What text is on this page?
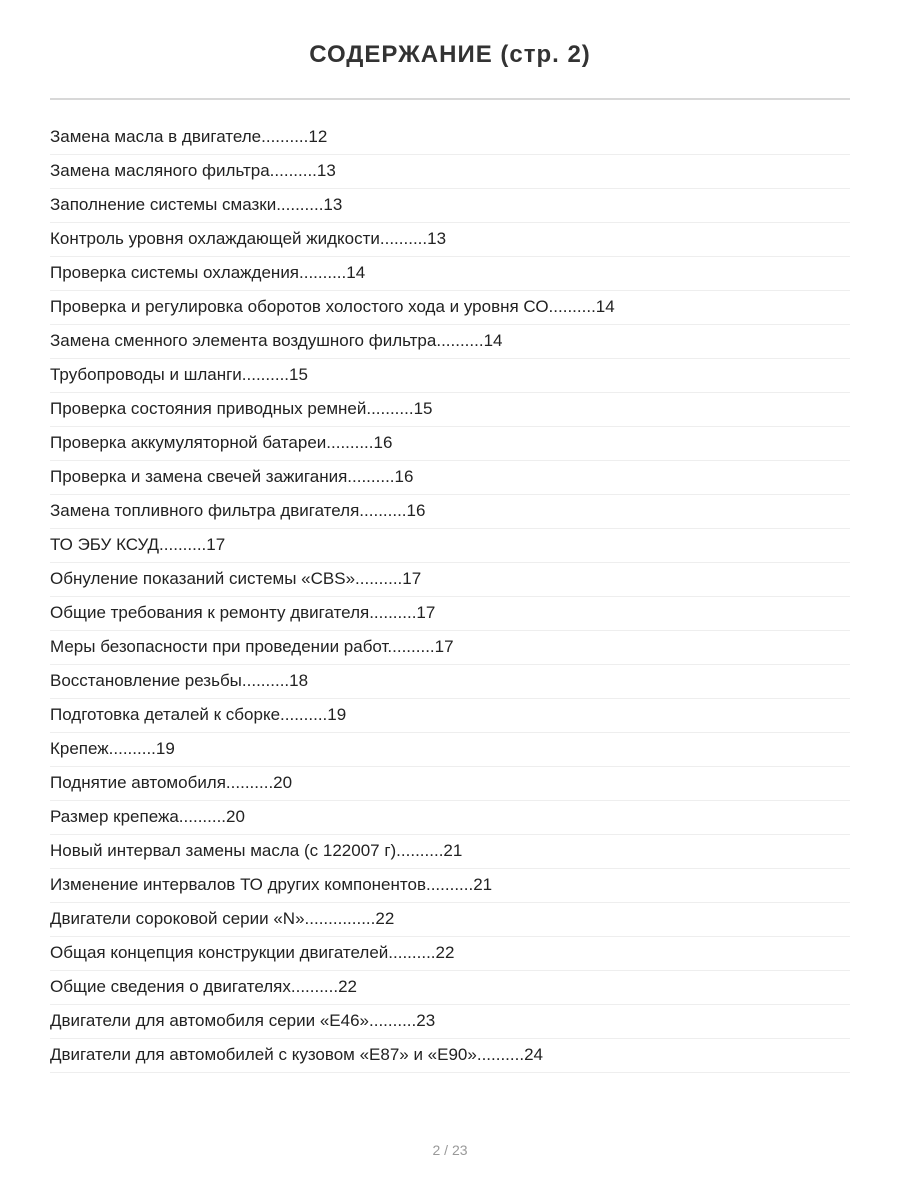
СОДЕРЖАНИЕ (стр. 2)
Замена масла в двигателе..........12
Замена масляного фильтра..........13
Заполнение системы смазки..........13
Контроль уровня охлаждающей жидкости..........13
Проверка системы охлаждения..........14
Проверка и регулировка оборотов холостого хода и уровня СО..........14
Замена сменного элемента воздушного фильтра..........14
Трубопроводы и шланги..........15
Проверка состояния приводных ремней..........15
Проверка аккумуляторной батареи..........16
Проверка и замена свечей зажигания..........16
Замена топливного фильтра двигателя..........16
ТО ЭБУ КСУД..........17
Обнуление показаний системы «CBS»..........17
Общие требования к ремонту двигателя..........17
Меры безопасности при проведении работ..........17
Восстановление резьбы..........18
Подготовка деталей к сборке..........19
Крепеж..........19
Поднятие автомобиля..........20
Размер крепежа..........20
Новый интервал замены масла (с 122007 г)..........21
Изменение интервалов ТО других компонентов..........21
Двигатели сороковой серии «N»...............22
Общая концепция конструкции двигателей..........22
Общие сведения о двигателях..........22
Двигатели для автомобиля серии «Е46»..........23
Двигатели для автомобилей с кузовом «Е87» и «Е90»..........24
2 / 23
